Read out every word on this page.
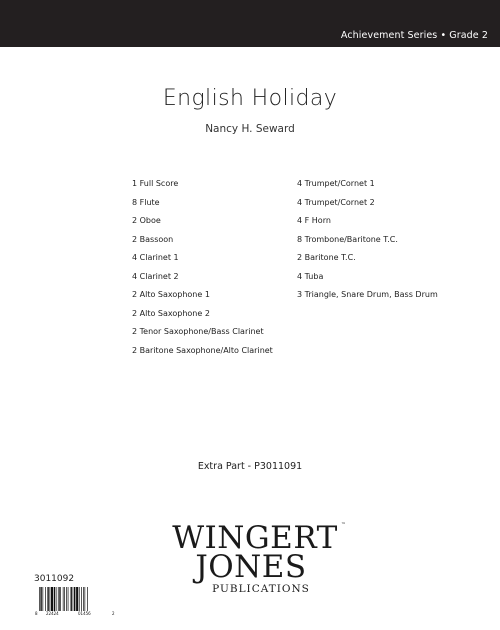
Achievement Series • Grade 2
English Holiday
Nancy H. Seward
1 Full Score
8 Flute
2 Oboe
2 Bassoon
4 Clarinet 1
4 Clarinet 2
2 Alto Saxophone 1
2 Alto Saxophone 2
2 Tenor Saxophone/Bass Clarinet
2 Baritone Saxophone/Alto Clarinet
4 Trumpet/Cornet 1
4 Trumpet/Cornet 2
4 F Horn
8 Trombone/Baritone T.C.
2 Baritone T.C.
4 Tuba
3 Triangle, Snare Drum, Bass Drum
Extra Part - P3011091
WINGERT ™
JONES
PUBLICATIONS
3011092
8 22424	01456	2
